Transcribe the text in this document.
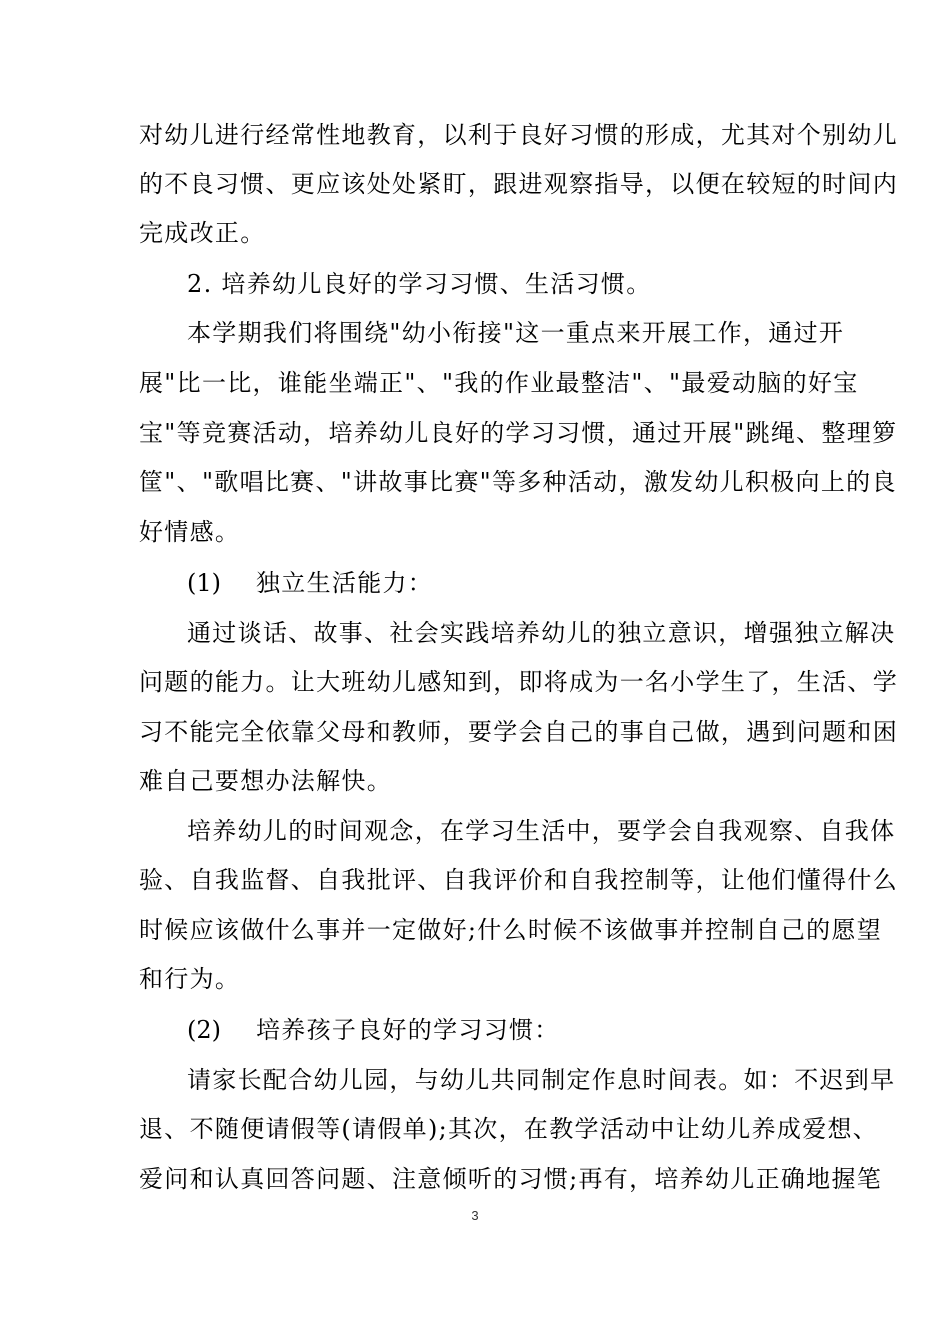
对幼儿进行经常性地教育，以利于良好习惯的形成，尤其对个别幼儿
的不良习惯、更应该处处紧盯，跟进观察指导，以便在较短的时间内
完成改正。
2. 培养幼儿良好的学习习惯、生活习惯。
本学期我们将围绕"幼小衔接"这一重点来开展工作，通过开
展"比一比，谁能坐端正"、"我的作业最整洁"、"最爱动脑的好宝
宝"等竞赛活动，培养幼儿良好的学习习惯，通过开展"跳绳、整理箩
筐"、"歌唱比赛、"讲故事比赛"等多种活动，激发幼儿积极向上的良
好情感。
(1) 独立生活能力：
通过谈话、故事、社会实践培养幼儿的独立意识，增强独立解决
问题的能力。让大班幼儿感知到，即将成为一名小学生了，生活、学
习不能完全依靠父母和教师，要学会自己的事自己做，遇到问题和困
难自己要想办法解快。
培养幼儿的时间观念，在学习生活中，要学会自我观察、自我体
验、自我监督、自我批评、自我评价和自我控制等，让他们懂得什么
时候应该做什么事并一定做好;什么时候不该做事并控制自己的愿望
和行为。
(2) 培养孩子良好的学习习惯：
请家长配合幼儿园，与幼儿共同制定作息时间表。如：不迟到早
退、不随便请假等(请假单);其次，在教学活动中让幼儿养成爱想、
爱问和认真回答问题、注意倾听的习惯;再有，培养幼儿正确地握笔
3
